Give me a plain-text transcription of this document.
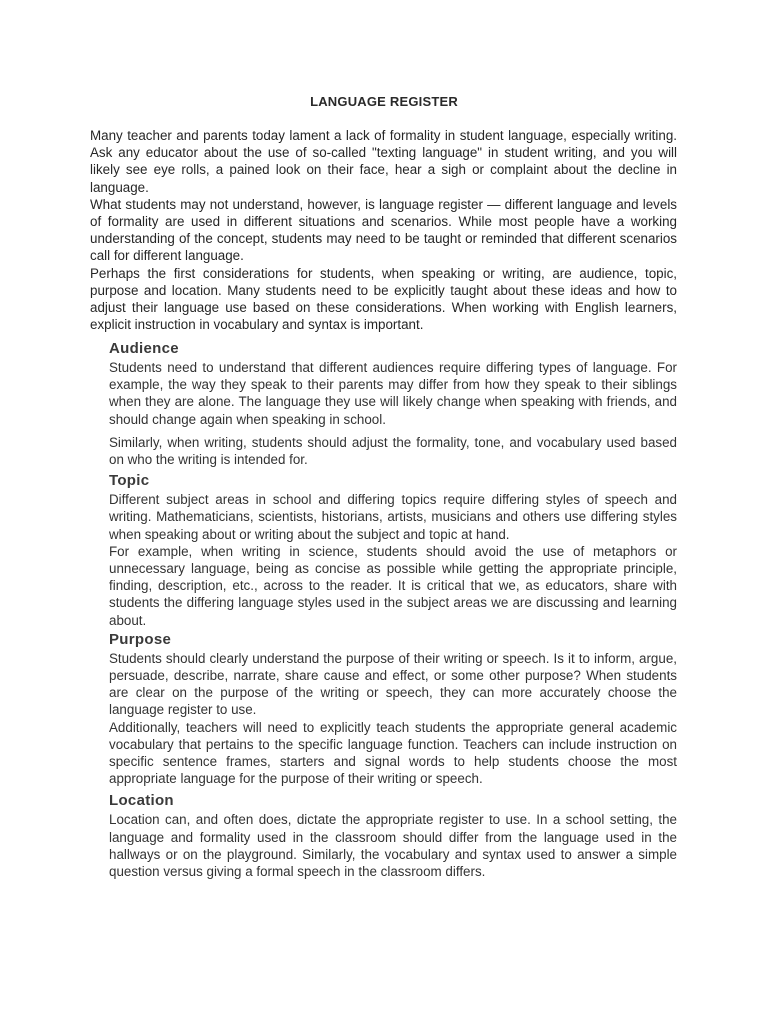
LANGUAGE REGISTER

Many teacher and parents today lament a lack of formality in student language, especially writing. Ask any educator about the use of so-called "texting language" in student writing, and you will likely see eye rolls, a pained look on their face, hear a sigh or complaint about the decline in language.

What students may not understand, however, is language register — different language and levels of formality are used in different situations and scenarios. While most people have a working understanding of the concept, students may need to be taught or reminded that different scenarios call for different language.

Perhaps the first considerations for students, when speaking or writing, are audience, topic, purpose and location. Many students need to be explicitly taught about these ideas and how to adjust their language use based on these considerations. When working with English learners, explicit instruction in vocabulary and syntax is important.

Audience

Students need to understand that different audiences require differing types of language. For example, the way they speak to their parents may differ from how they speak to their siblings when they are alone. The language they use will likely change when speaking with friends, and should change again when speaking in school.

Similarly, when writing, students should adjust the formality, tone, and vocabulary used based on who the writing is intended for.

Topic

Different subject areas in school and differing topics require differing styles of speech and writing. Mathematicians, scientists, historians, artists, musicians and others use differing styles when speaking about or writing about the subject and topic at hand.

For example, when writing in science, students should avoid the use of metaphors or unnecessary language, being as concise as possible while getting the appropriate principle, finding, description, etc., across to the reader. It is critical that we, as educators, share with students the differing language styles used in the subject areas we are discussing and learning about.

Purpose

Students should clearly understand the purpose of their writing or speech. Is it to inform, argue, persuade, describe, narrate, share cause and effect, or some other purpose? When students are clear on the purpose of the writing or speech, they can more accurately choose the language register to use.

Additionally, teachers will need to explicitly teach students the appropriate general academic vocabulary that pertains to the specific language function. Teachers can include instruction on specific sentence frames, starters and signal words to help students choose the most appropriate language for the purpose of their writing or speech.

Location

Location can, and often does, dictate the appropriate register to use. In a school setting, the language and formality used in the classroom should differ from the language used in the hallways or on the playground. Similarly, the vocabulary and syntax used to answer a simple question versus giving a formal speech in the classroom differs.
